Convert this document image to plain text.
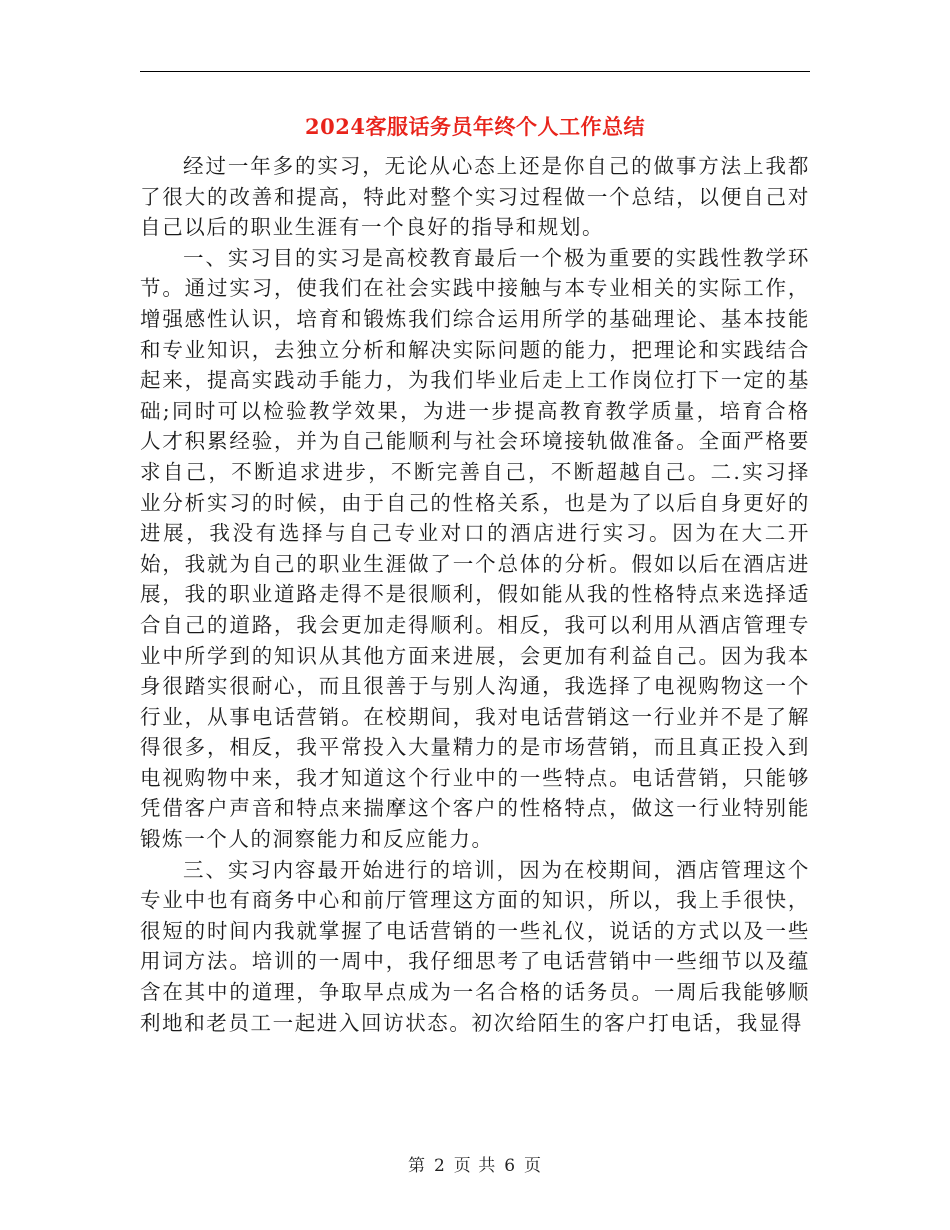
2024客服话务员年终个人工作总结

经过一年多的实习，无论从心态上还是你自己的做事方法上我都了很大的改善和提高，特此对整个实习过程做一个总结，以便自己对自己以后的职业生涯有一个良好的指导和规划。

一、实习目的实习是高校教育最后一个极为重要的实践性教学环节。通过实习，使我们在社会实践中接触与本专业相关的实际工作，增强感性认识，培育和锻炼我们综合运用所学的基础理论、基本技能和专业知识，去独立分析和解决实际问题的能力，把理论和实践结合起来，提高实践动手能力，为我们毕业后走上工作岗位打下一定的基础;同时可以检验教学效果，为进一步提高教育教学质量，培育合格人才积累经验，并为自己能顺利与社会环境接轨做准备。全面严格要求自己，不断追求进步，不断完善自己，不断超越自己。二.实习择业分析实习的时候，由于自己的性格关系，也是为了以后自身更好的进展，我没有选择与自己专业对口的酒店进行实习。因为在大二开始，我就为自己的职业生涯做了一个总体的分析。假如以后在酒店进展，我的职业道路走得不是很顺利，假如能从我的性格特点来选择适合自己的道路，我会更加走得顺利。相反，我可以利用从酒店管理专业中所学到的知识从其他方面来进展，会更加有利益自己。因为我本身很踏实很耐心，而且很善于与别人沟通，我选择了电视购物这一个行业，从事电话营销。在校期间，我对电话营销这一行业并不是了解得很多，相反，我平常投入大量精力的是市场营销，而且真正投入到电视购物中来，我才知道这个行业中的一些特点。电话营销，只能够凭借客户声音和特点来揣摩这个客户的性格特点，做这一行业特别能锻炼一个人的洞察能力和反应能力。

三、实习内容最开始进行的培训，因为在校期间，酒店管理这个专业中也有商务中心和前厅管理这方面的知识，所以，我上手很快，很短的时间内我就掌握了电话营销的一些礼仪，说话的方式以及一些用词方法。培训的一周中，我仔细思考了电话营销中一些细节以及蕴含在其中的道理，争取早点成为一名合格的话务员。一周后我能够顺利地和老员工一起进入回访状态。初次给陌生的客户打电话，我显得

第 2 页 共 6 页
